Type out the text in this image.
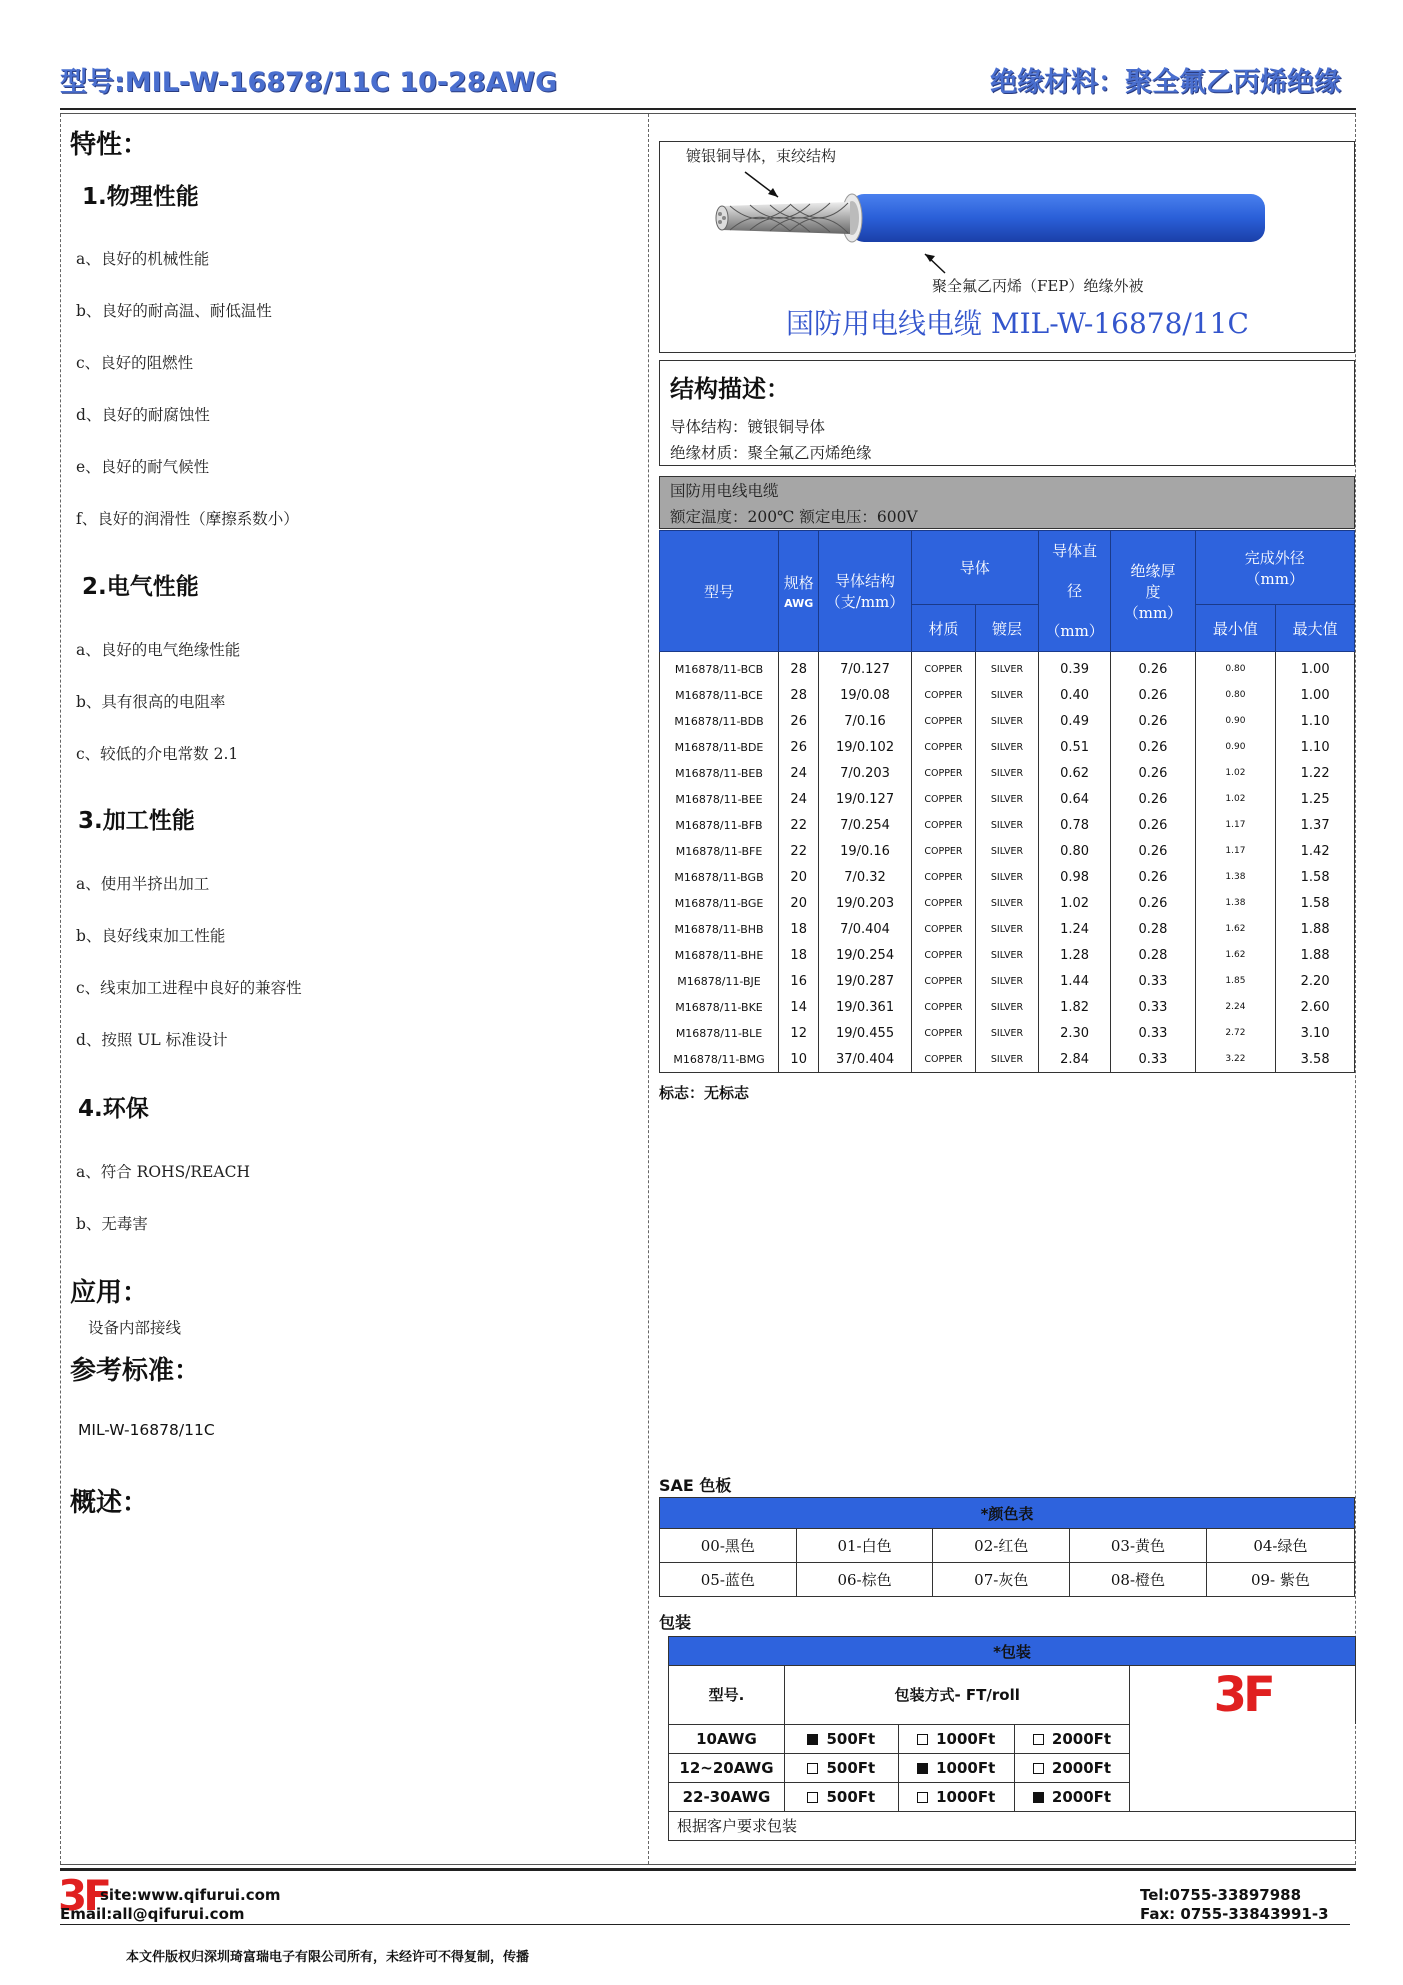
型号:MIL-W-16878/11C 10-28AWG	绝缘材料：聚全氟乙丙烯绝缘
特性：
1.物理性能
a、良好的机械性能
b、良好的耐高温、耐低温性
c、良好的阻燃性
d、良好的耐腐蚀性
e、良好的耐气候性
f、良好的润滑性（摩擦系数小）
2.电气性能
a、良好的电气绝缘性能
b、具有很高的电阻率
c、较低的介电常数 2.1
3.加工性能
a、使用半挤出加工
b、良好线束加工性能
c、线束加工进程中良好的兼容性
d、按照 UL 标准设计
4.环保
a、符合 ROHS/REACH
b、无毒害
应用：
设备内部接线
参考标准：
MIL-W-16878/11C
概述：
镀银铜导体，束绞结构
聚全氟乙丙烯（FEP）绝缘外被
国防用电线电缆 MIL-W-16878/11C
结构描述：
导体结构：镀银铜导体
绝缘材质：聚全氟乙丙烯绝缘
国防用电线电缆
额定温度：200℃ 额定电压：600V
型号	规格
AWG	导体结构（支/mm）	导体		导体直径（mm）	绝缘厚度（mm）	完成外径（mm）	
			材质	镀层			最小值	最大值
M16878/11-BCB	28	7/0.127	COPPER	SILVER	0.39	0.26	0.80	1.00
M16878/11-BCE	28	19/0.08	COPPER	SILVER	0.40	0.26	0.80	1.00
M16878/11-BDB	26	7/0.16	COPPER	SILVER	0.49	0.26	0.90	1.10
M16878/11-BDE	26	19/0.102	COPPER	SILVER	0.51	0.26	0.90	1.10
M16878/11-BEB	24	7/0.203	COPPER	SILVER	0.62	0.26	1.02	1.22
M16878/11-BEE	24	19/0.127	COPPER	SILVER	0.64	0.26	1.02	1.25
M16878/11-BFB	22	7/0.254	COPPER	SILVER	0.78	0.26	1.17	1.37
M16878/11-BFE	22	19/0.16	COPPER	SILVER	0.80	0.26	1.17	1.42
M16878/11-BGB	20	7/0.32	COPPER	SILVER	0.98	0.26	1.38	1.58
M16878/11-BGE	20	19/0.203	COPPER	SILVER	1.02	0.26	1.38	1.58
M16878/11-BHB	18	7/0.404	COPPER	SILVER	1.24	0.28	1.62	1.88
M16878/11-BHE	18	19/0.254	COPPER	SILVER	1.28	0.28	1.62	1.88
M16878/11-BJE	16	19/0.287	COPPER	SILVER	1.44	0.33	1.85	2.20
M16878/11-BKE	14	19/0.361	COPPER	SILVER	1.82	0.33	2.24	2.60
M16878/11-BLE	12	19/0.455	COPPER	SILVER	2.30	0.33	2.72	3.10
M16878/11-BMG	10	37/0.404	COPPER	SILVER	2.84	0.33	3.22	3.58
标志：无标志
SAE 色板
*颜色表				
00-黑色	01-白色	02-红色	03-黄色	04-绿色
05-蓝色	06-棕色	07-灰色	08-橙色	09- 紫色
包装
*包装				
型号.	包装方式- FT/roll			3F
10AWG	500Ft	1000Ft	2000Ft	
12~20AWG	500Ft	1000Ft	2000Ft	
22-30AWG	500Ft	1000Ft	2000Ft	
根据客户要求包装				
3F
site:www.qifurui.com
Email:all@qifurui.com
Tel:0755-33897988
Fax: 0755-33843991-3
本文件版权归深圳琦富瑞电子有限公司所有，未经许可不得复制，传播
